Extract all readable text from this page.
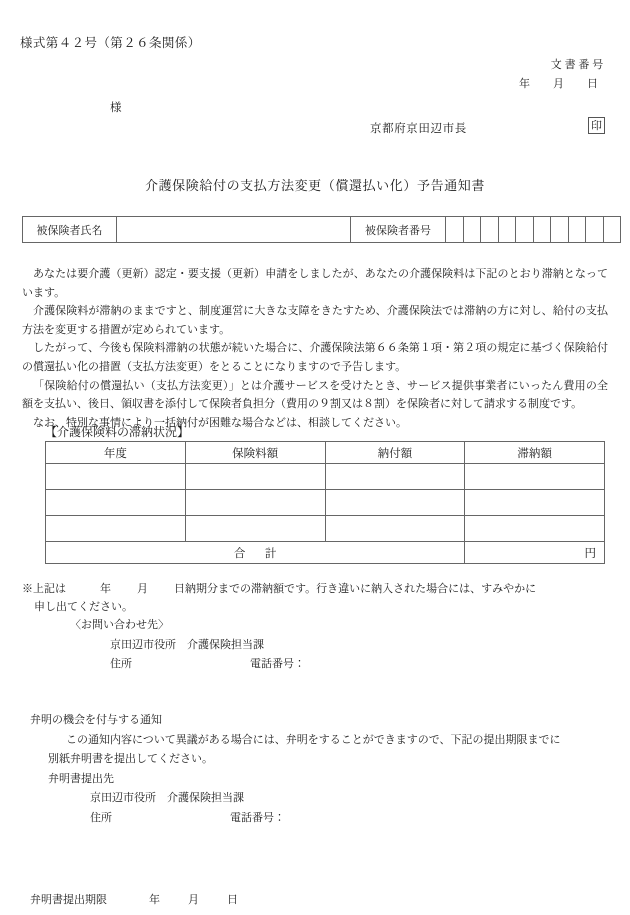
様式第４２号（第２６条関係）
文書番号
年　月　日
様
京都府京田辺市長	印
介護保険給付の支払方法変更（償還払い化）予告通知書
被保険者氏名		被保険者番号										

あなたは要介護（更新）認定・要支援（更新）申請をしましたが、あなたの介護保険料は下記のとおり滞納となっています。

介護保険料が滞納のままですと、制度運営に大きな支障をきたすため、介護保険法では滞納の方に対し、給付の支払方法を変更する措置が定められています。

したがって、今後も保険料滞納の状態が続いた場合に、介護保険法第６６条第１項・第２項の規定に基づく保険給付の償還払い化の措置（支払方法変更）をとることになりますので予告します。

「保険給付の償還払い（支払方法変更）」とは介護サービスを受けたとき、サービス提供事業者にいったん費用の全額を支払い、後日、領収書を添付して保険者負担分（費用の９割又は８割）を保険者に対して請求する制度です。

なお、特別な事情により一括納付が困難な場合などは、相談してください。

【介護保険料の滞納状況】
年度	保険料額	納付額	滞納額

合　計			円
※上記は	年 月 日納期分までの滞納額です。行き違いに納入された場合には、すみやかに
申し出てください。
〈お問い合わせ先〉
京田辺市役所　介護保険担当課
住所	電話番号：
弁明の機会を付与する通知
この通知内容について異議がある場合には、弁明をすることができますので、下記の提出期限までに
別紙弁明書を提出してください。
弁明書提出先
京田辺市役所　介護保険担当課
住所	電話番号：
弁明書提出期限	年	月	日
